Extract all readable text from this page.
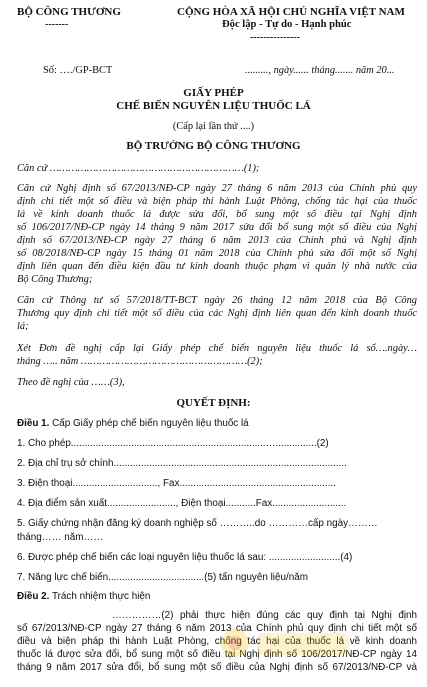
BỘ CÔNG THƯƠNG
-------
CỘNG HÒA XÃ HỘI CHỦ NGHĨA VIỆT NAM
Độc lập - Tự do - Hạnh phúc
---------------
Số: …./GP-BCT	........., ngày...... tháng....... năm 20...
GIẤY PHÉP
CHẾ BIẾN NGUYÊN LIỆU THUỐC LÁ
(Cấp lại lần thứ ....)
BỘ TRƯỞNG BỘ CÔNG THƯƠNG
Căn cứ ………………………………………………………(1);
Căn cứ Nghị định số 67/2013/NĐ-CP ngày 27 tháng 6 năm 2013 của Chính phủ quy
định chi tiết một số điều và biện pháp thi hành Luật Phòng, chống tác hại của thuốc
lá về kinh doanh thuốc lá được sửa đổi, bổ sung một số điều tại Nghị định
số 106/2017/NĐ-CP ngày 14 tháng 9 năm 2017 sửa đổi bổ sung một số điều của Nghị
định số 67/2013/NĐ-CP ngày 27 tháng 6 năm 2013 của Chính phủ và Nghị định
số 08/2018/NĐ-CP ngày 15 tháng 01 năm 2018 của Chính phủ sửa đổi một số Nghị
định liên quan đến điều kiện đầu tư kinh doanh thuộc phạm vi quản lý nhà nước của
Bộ Công Thương;
Căn cứ Thông tư số 57/2018/TT-BCT ngày 26 tháng 12 năm 2018 của Bộ Công
Thương quy định chi tiết một số điều của các Nghị định liên quan đến kinh doanh thuốc
lá;
Xét Đơn đề nghị cấp lại Giấy phép chế biến nguyên liệu thuốc lá số….ngày…
tháng ….. năm ………………………………………………(2);
Theo đề nghị của ……(3),
QUYẾT ĐỊNH:
Điều 1. Cấp Giấy phép chế biến nguyên liệu thuốc lá
1. Cho phép.......................................................................…...............(2)
2. Địa chỉ trụ sở chính.....................................................................................
3. Điện thoại..............................., Fax.........................................................
4. Địa điểm sản xuất........................., Điện thoại...........Fax...........................
5. Giấy chứng nhận đăng ký doanh nghiệp số ………..do …………cấp ngày………
tháng…… năm……
6. Được phép chế biến các loại nguyên liệu thuốc lá sau: ..........................(4)
7. Năng lực chế biến...................................(5) tấn nguyên liệu/năm
Điều 2. Trách nhiệm thực hiện
……………(2) phải thực hiện đúng các quy định tại Nghị định
số 67/2013/NĐ-CP ngày 27 tháng 6 năm 2013 của Chính phủ quy định chi tiết một số
điều và biện pháp thi hành Luật Phòng, chống tác hại của thuốc lá về kinh doanh
thuốc lá được sửa đổi, bổ sung một số điều tại Nghị định số 106/2017/NĐ-CP ngày 14
tháng 9 năm 2017 sửa đổi, bổ sung một số điều của Nghị định số 67/2013/NĐ-CP và
